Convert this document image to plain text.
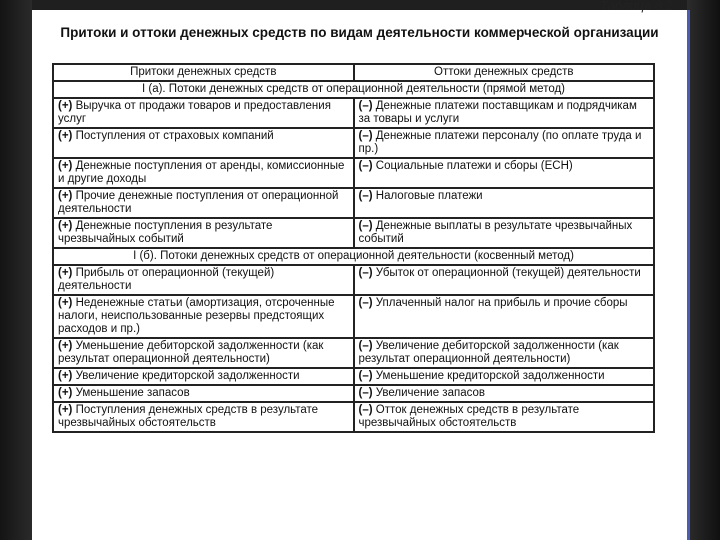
Таблица 8.2
Притоки и оттоки денежных средств по видам деятельности коммерческой организации
Притоки денежных средств	Оттоки денежных средств
I (а). Потоки денежных средств от операционной деятельности (прямой метод)	
(+) Выручка от продажи товаров и предоставления услуг	(–) Денежные платежи поставщикам и подрядчикам за товары и услуги
(+) Поступления от страховых компаний	(–) Денежные платежи персоналу (по оплате труда и пр.)
(+) Денежные поступления от аренды, комиссионные и другие доходы	(–) Социальные платежи и сборы (ЕСН)
(+) Прочие денежные поступления от операционной деятельности	(–) Налоговые платежи
(+) Денежные поступления в результате чрезвычайных событий	(–) Денежные выплаты в результате чрезвычайных событий
I (б). Потоки денежных средств от операционной деятельности (косвенный метод)	
(+) Прибыль от операционной (текущей) деятельности	(–) Убыток от операционной (текущей) деятельности
(+) Неденежные статьи (амортизация, отсроченные налоги, неиспользованные резервы предстоящих расходов и пр.)	(–) Уплаченный налог на прибыль и прочие сборы
(+) Уменьшение дебиторской задолженности (как результат операционной деятельности)	(–) Увеличение дебиторской задолженности (как результат операционной деятельности)
(+) Увеличение кредиторской задолженности	(–) Уменьшение кредиторской задолженности
(+) Уменьшение запасов	(–) Увеличение запасов
(+) Поступления денежных средств в результате чрезвычайных обстоятельств	(–) Отток денежных средств в результате чрезвычайных обстоятельств
